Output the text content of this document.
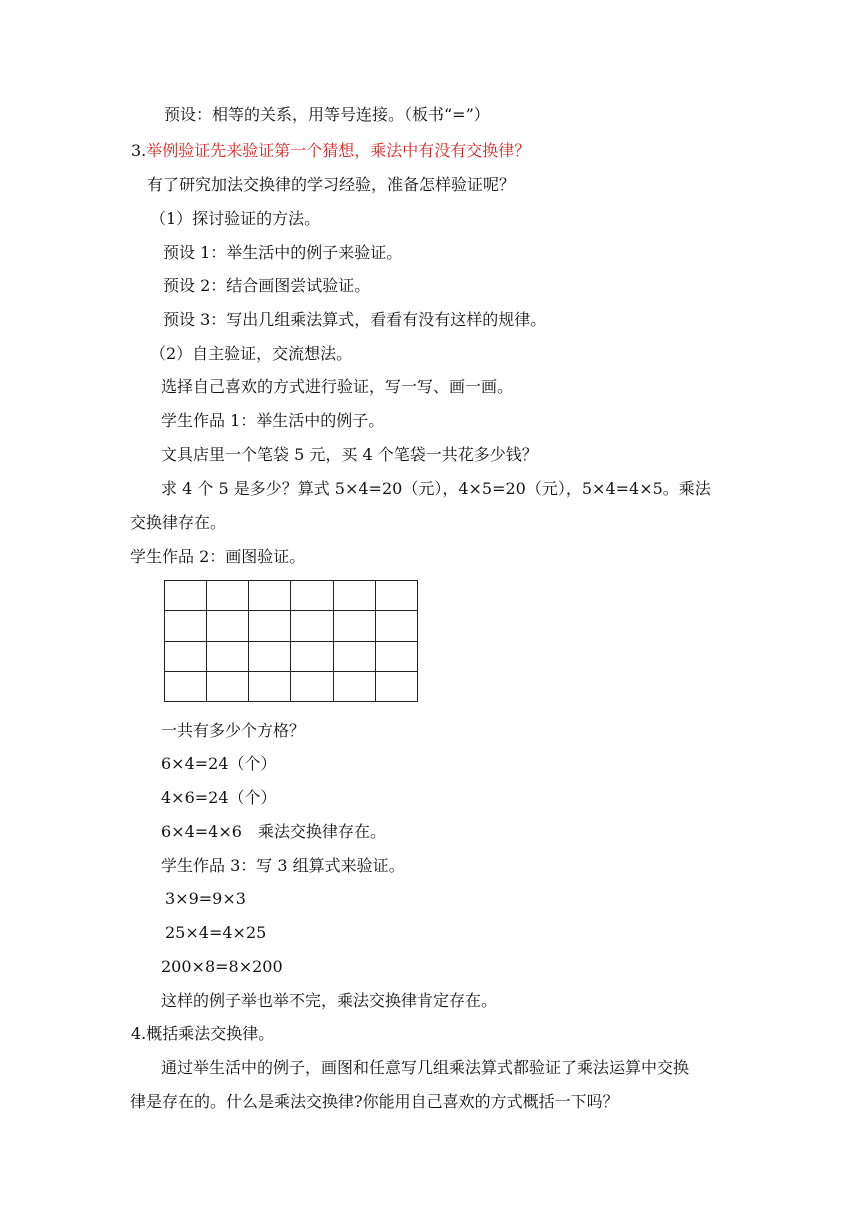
预设：相等的关系，用等号连接。（板书“=”）
3.举例验证先来验证第一个猜想，乘法中有没有交换律？
有了研究加法交换律的学习经验，准备怎样验证呢？
（1）探讨验证的方法。
预设 1：举生活中的例子来验证。
预设 2：结合画图尝试验证。
预设 3：写出几组乘法算式，看看有没有这样的规律。
（2）自主验证，交流想法。
选择自己喜欢的方式进行验证，写一写、画一画。
学生作品 1：举生活中的例子。
文具店里一个笔袋 5 元，买 4 个笔袋一共花多少钱？
求 4 个 5 是多少？算式 5×4=20（元），4×5=20（元），5×4=4×5。乘法
交换律存在。
学生作品 2：画图验证。

一共有多少个方格？
6×4=24（个）
4×6=24（个）
6×4=4×6　乘法交换律存在。
学生作品 3：写 3 组算式来验证。
3×9=9×3
25×4=4×25
200×8=8×200
这样的例子举也举不完，乘法交换律肯定存在。
4.概括乘法交换律。
通过举生活中的例子，画图和任意写几组乘法算式都验证了乘法运算中交换
律是存在的。什么是乘法交换律?你能用自己喜欢的方式概括一下吗？
